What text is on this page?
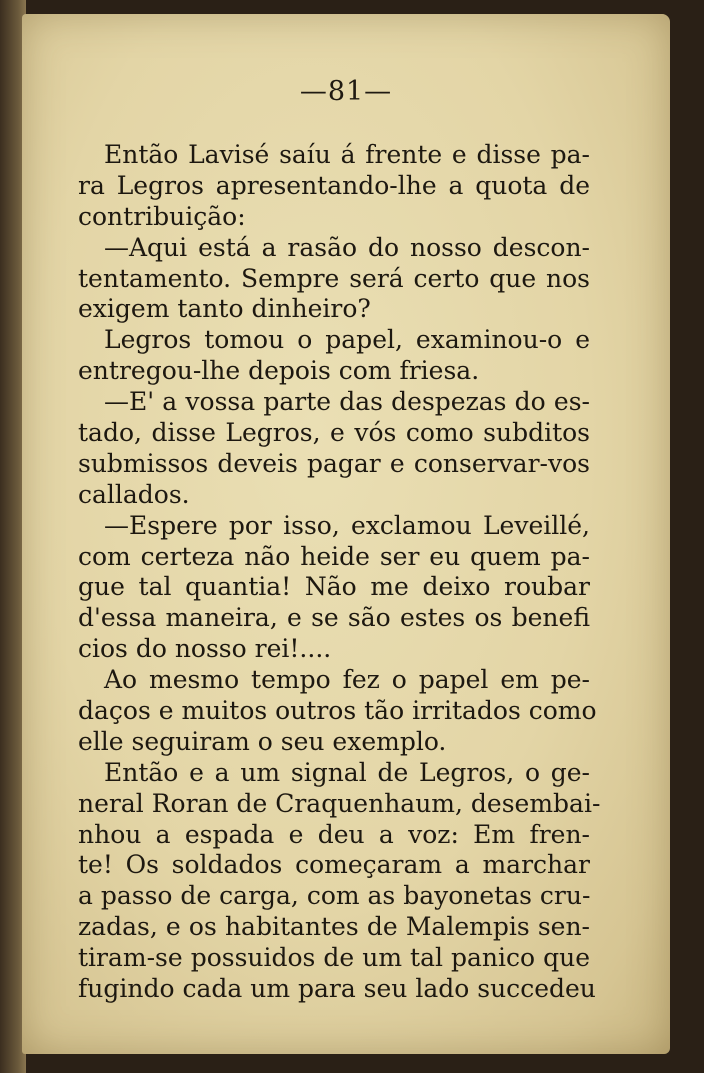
—81—

Então Lavisé saíu á frente e disse pa-
ra Legros apresentando-lhe a quota de
contribuição:
—Aqui está a rasão do nosso descon-
tentamento. Sempre será certo que nos
exigem tanto dinheiro?
Legros tomou o papel, examinou-o e
entregou-lhe depois com friesa.
—E' a vossa parte das despezas do es-
tado, disse Legros, e vós como subditos
submissos deveis pagar e conservar-vos
callados.
—Espere por isso, exclamou Leveillé,
com certeza não heide ser eu quem pa-
gue tal quantia! Não me deixo roubar
d'essa maneira, e se são estes os benefi
cios do nosso rei!....
Ao mesmo tempo fez o papel em pe-
daços e muitos outros tão irritados como
elle seguiram o seu exemplo.
Então e a um signal de Legros, o ge-
neral Roran de Craquenhaum, desembai-
nhou a espada e deu a voz: Em fren-
te! Os soldados começaram a marchar
a passo de carga, com as bayonetas cru-
zadas, e os habitantes de Malempis sen-
tiram-se possuidos de um tal panico que
fugindo cada um para seu lado succedeu
